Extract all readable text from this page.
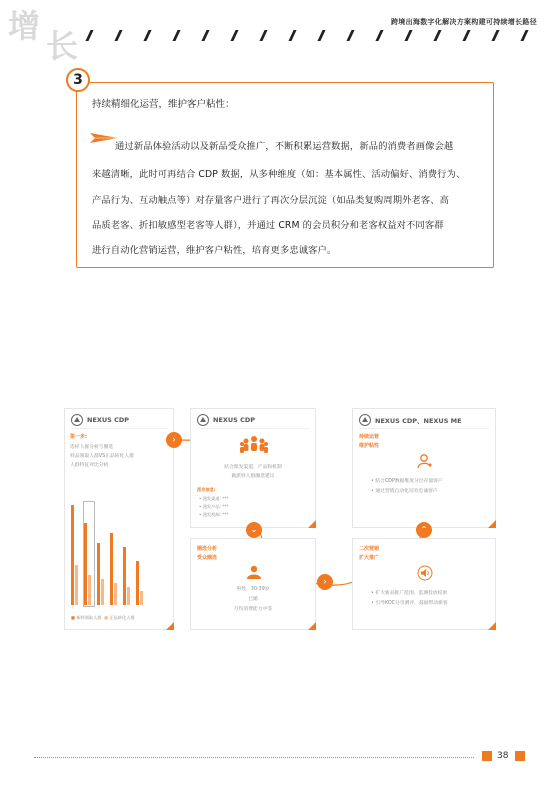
增
长
跨境出海数字化解决方案构建可持续增长路径
3
持续精细化运营，维护客户粘性：
通过新品体验活动以及新品受众推广，不断积累运营数据，新品的消费者画像会越
来越清晰，此时可再结合 CDP 数据，从多种维度（如：基本属性、活动偏好、消费行为、
产品行为、互动触点等）对存量客户进行了再次分层沉淀（如品类复购周期外老客、高
品质老客、折扣敏感型老客等人群），并通过 CRM 的会员积分和老客权益对不同客群
进行自动化营销运营，维护客户粘性，培育更多忠诚客户。
NEXUS CDP
第一步:
选样人群分析与圈选
样品领取人群VS正品转化人群
人群特征对比分析
■ 新样领取人群 ■ 正品转化人群
›
NEXUS CDP
结合派发渠道、产品和机制
做派样人群圈选建议
派发信息:
• 派发渠道: ***
• 派发产品: ***
• 派发机制: ***
⌄
圈选分析
受众圈选
男性、30-39岁
已婚
月均消费能力中等
›
NEXUS CDP、NEXUS ME
持续运营
维护粘性
• 结合CDP数据维度分层存量客户
• 通过营销自动化培育忠诚客户
⌃
二次营销
扩大推广
• 扩大新品推广范围、监测投放结果
• 引导KOC分享测评，鼓励带动新客
38
